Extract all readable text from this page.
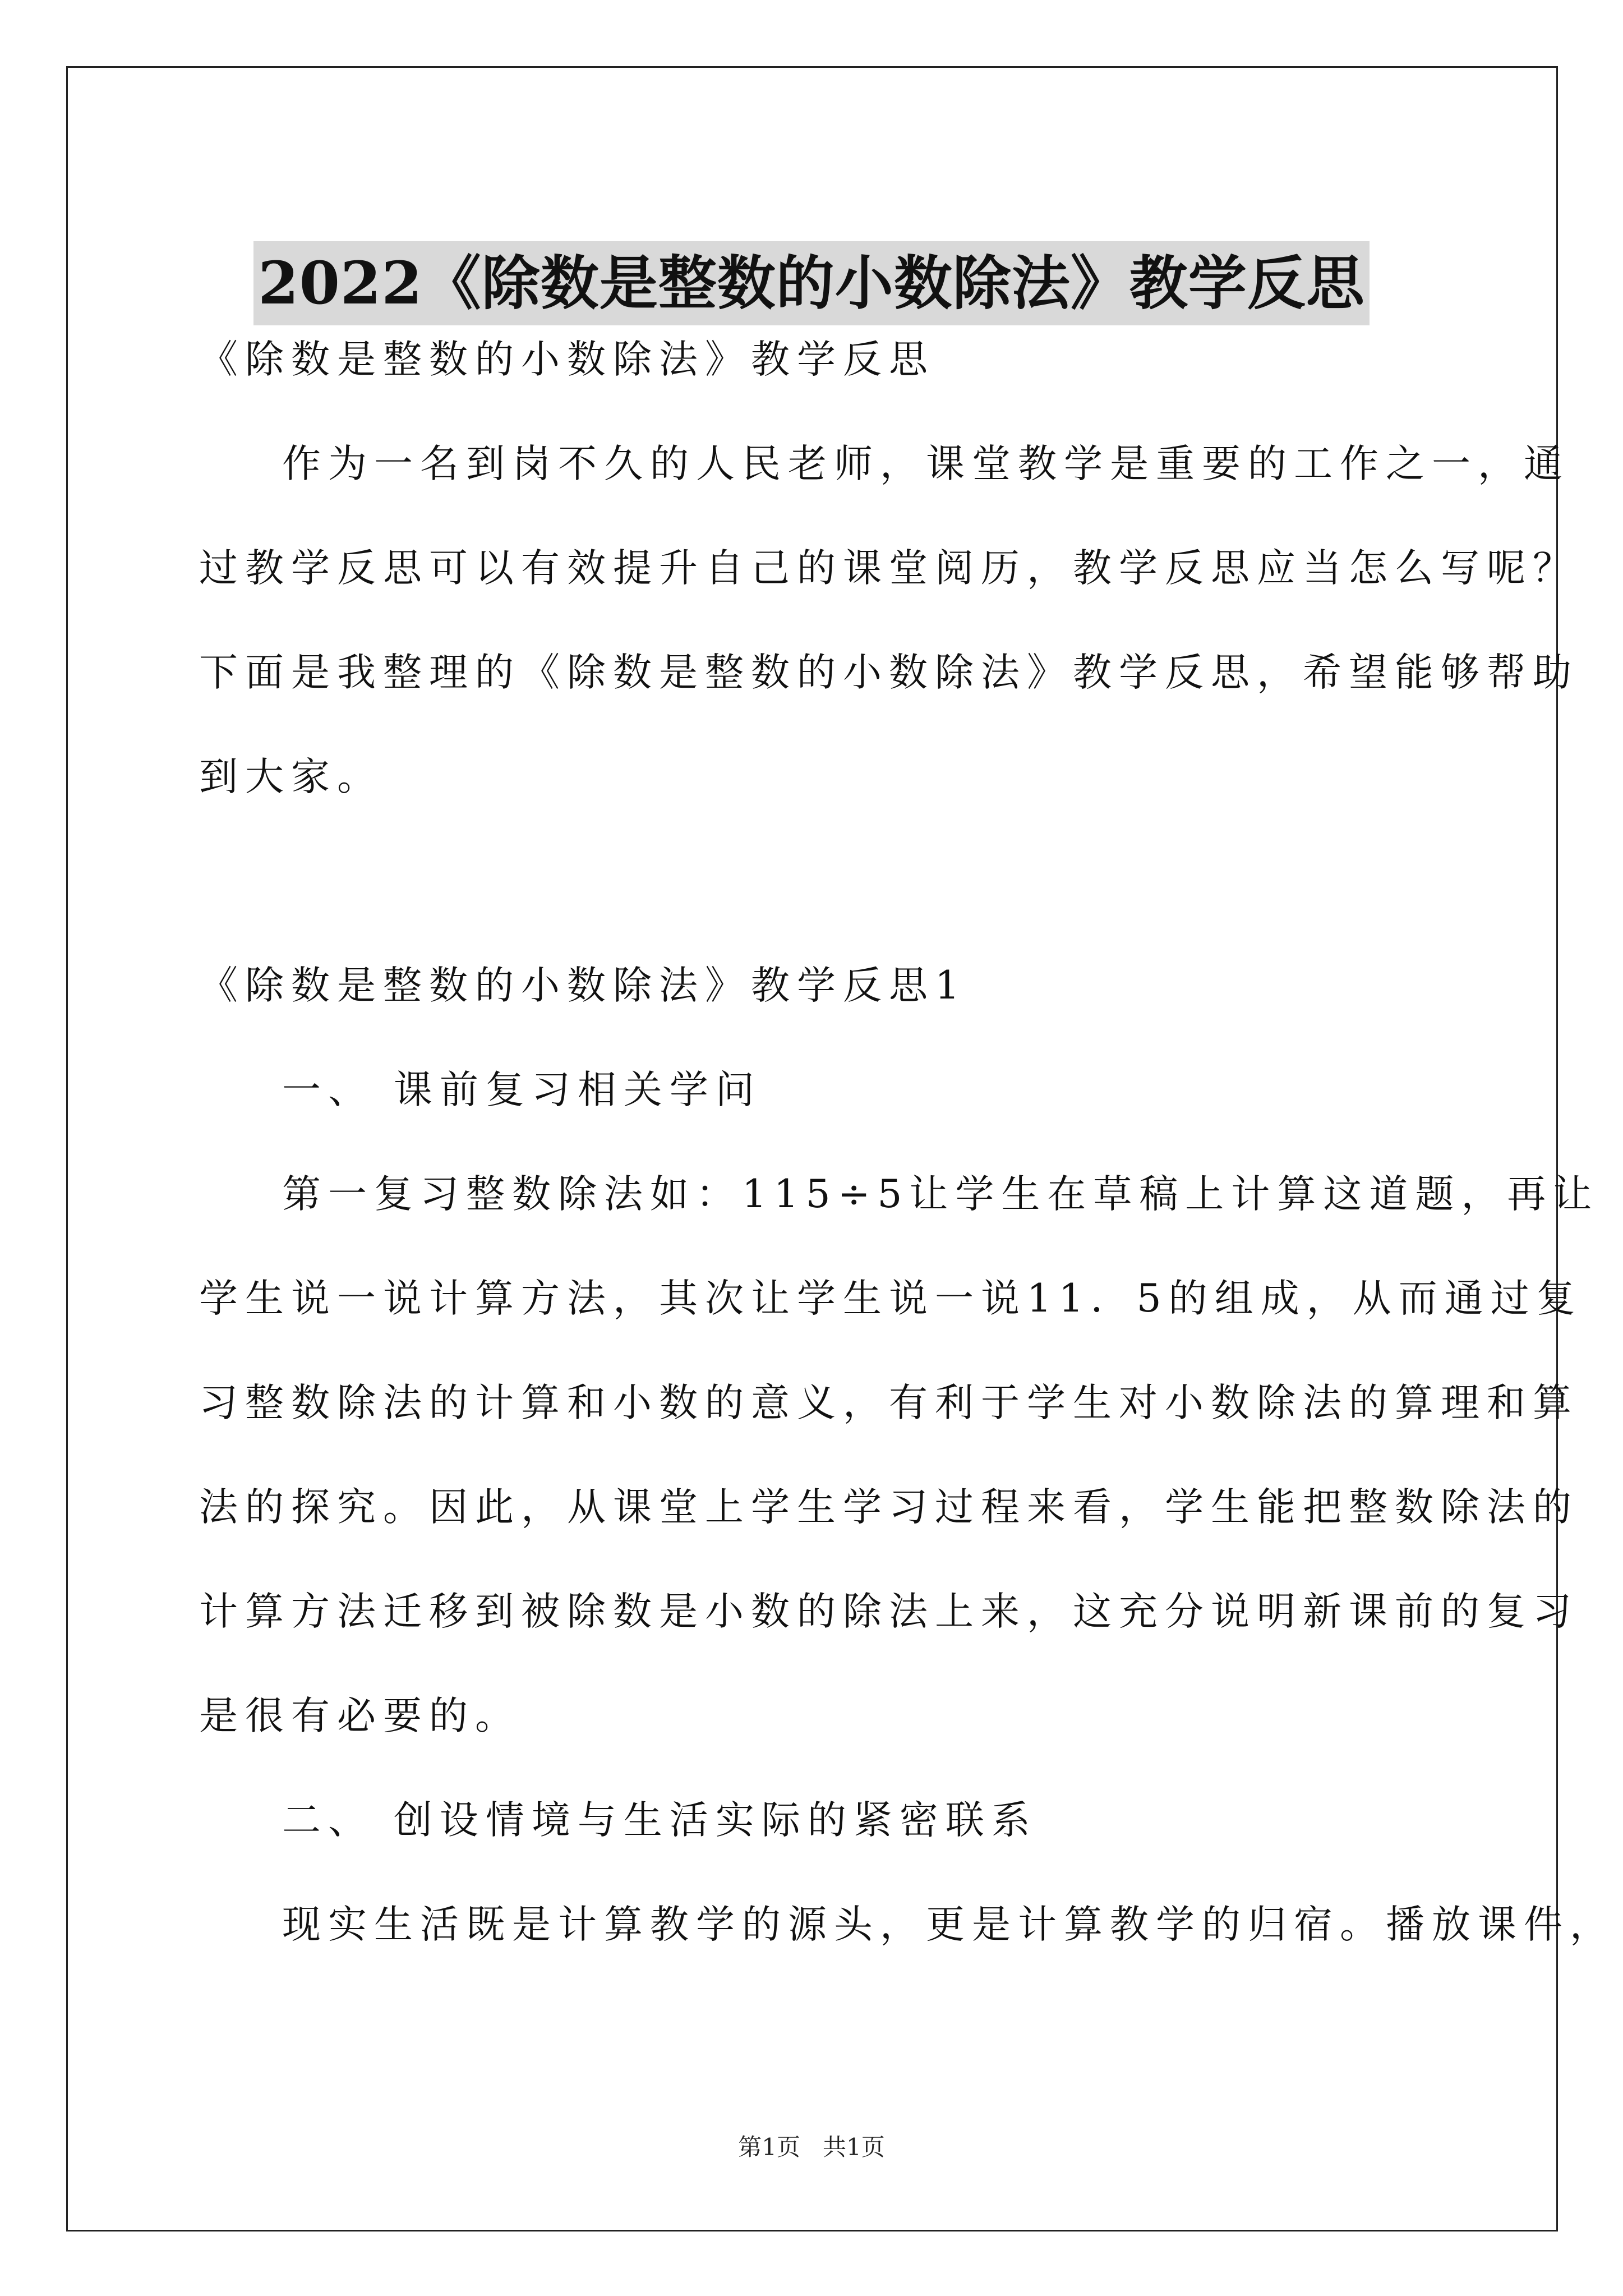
2022《除数是整数的小数除法》教学反思

《除数是整数的小数除法》教学反思

作为一名到岗不久的人民老师，课堂教学是重要的工作之一，通

过教学反思可以有效提升自己的课堂阅历，教学反思应当怎么写呢？

下面是我整理的《除数是整数的小数除法》教学反思，希望能够帮助

到大家。

《除数是整数的小数除法》教学反思1

一、 课前复习相关学问

第一复习整数除法如：115÷5让学生在草稿上计算这道题，再让

学生说一说计算方法，其次让学生说一说11．5的组成，从而通过复

习整数除法的计算和小数的意义，有利于学生对小数除法的算理和算

法的探究。因此，从课堂上学生学习过程来看，学生能把整数除法的

计算方法迁移到被除数是小数的除法上来，这充分说明新课前的复习

是很有必要的。

二、 创设情境与生活实际的紧密联系

现实生活既是计算教学的源头，更是计算教学的归宿。播放课件，

第1页 共1页
